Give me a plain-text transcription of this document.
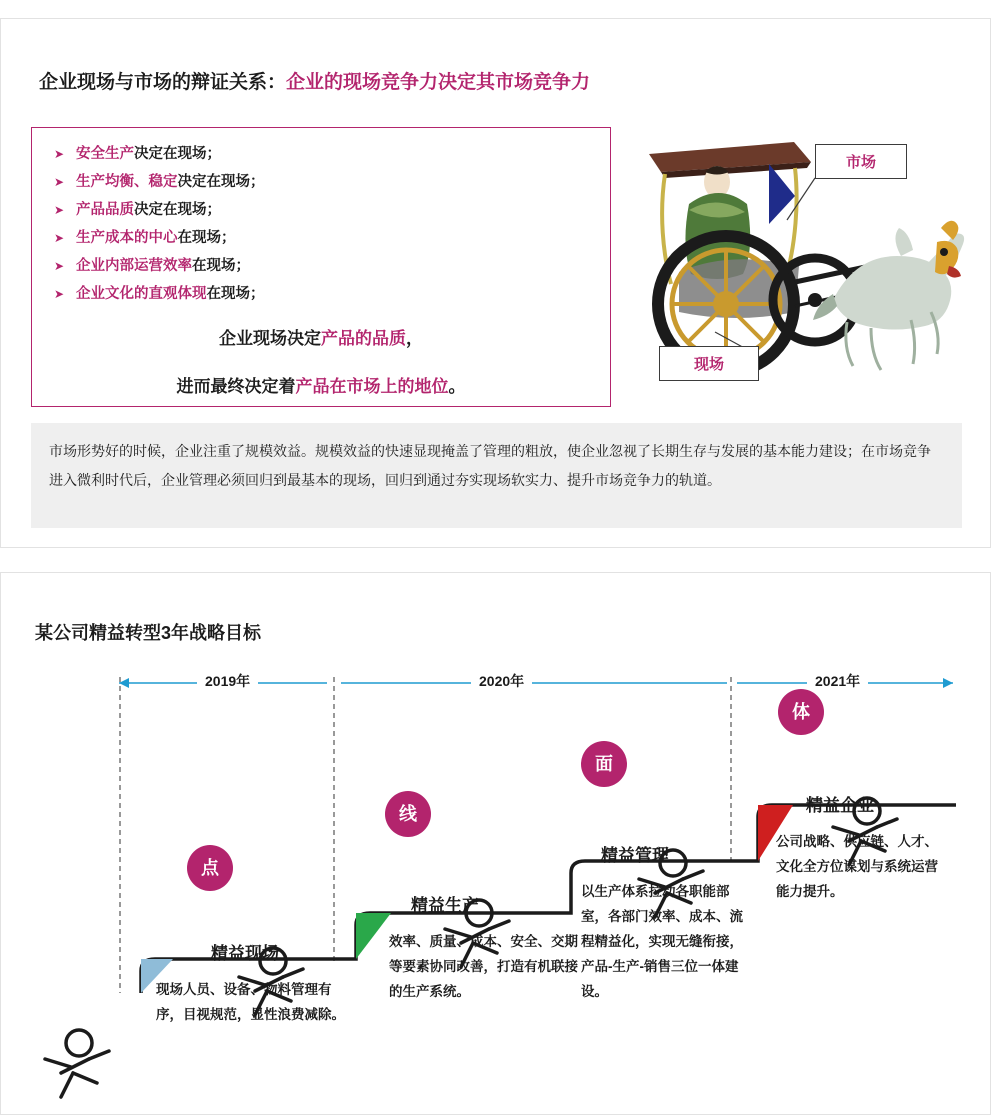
企业现场与市场的辩证关系：企业的现场竞争力决定其市场竞争力

➤ 安全生产决定在现场；

➤ 生产均衡、稳定决定在现场；

➤ 产品品质决定在现场；

➤ 生产成本的中心在现场；

➤ 企业内部运营效率在现场；

➤ 企业文化的直观体现在现场；

企业现场决定产品的品质，
进而最终决定着产品在市场上的地位。
市场
现场
市场形势好的时候，企业注重了规模效益。规模效益的快速显现掩盖了管理的粗放，使企业忽视了长期生存与发展的基本能力建设；在市场竞争进入微利时代后，企业管理必须回归到最基本的现场，回归到通过夯实现场软实力、提升市场竞争力的轨道。
某公司精益转型3年战略目标
2019年	2020年	2021年
点
线
面
体
精益现场
精益生产
精益管理
精益企业
现场人员、设备、物料管理有序，目视规范，显性浪费减除。
效率、质量、成本、安全、交期等要素协同改善，打造有机联接的生产系统。
以生产体系拉动各职能部室，各部门效率、成本、流程精益化，实现无缝衔接，产品-生产-销售三位一体建设。
公司战略、供应链、人才、文化全方位谋划与系统运营能力提升。
